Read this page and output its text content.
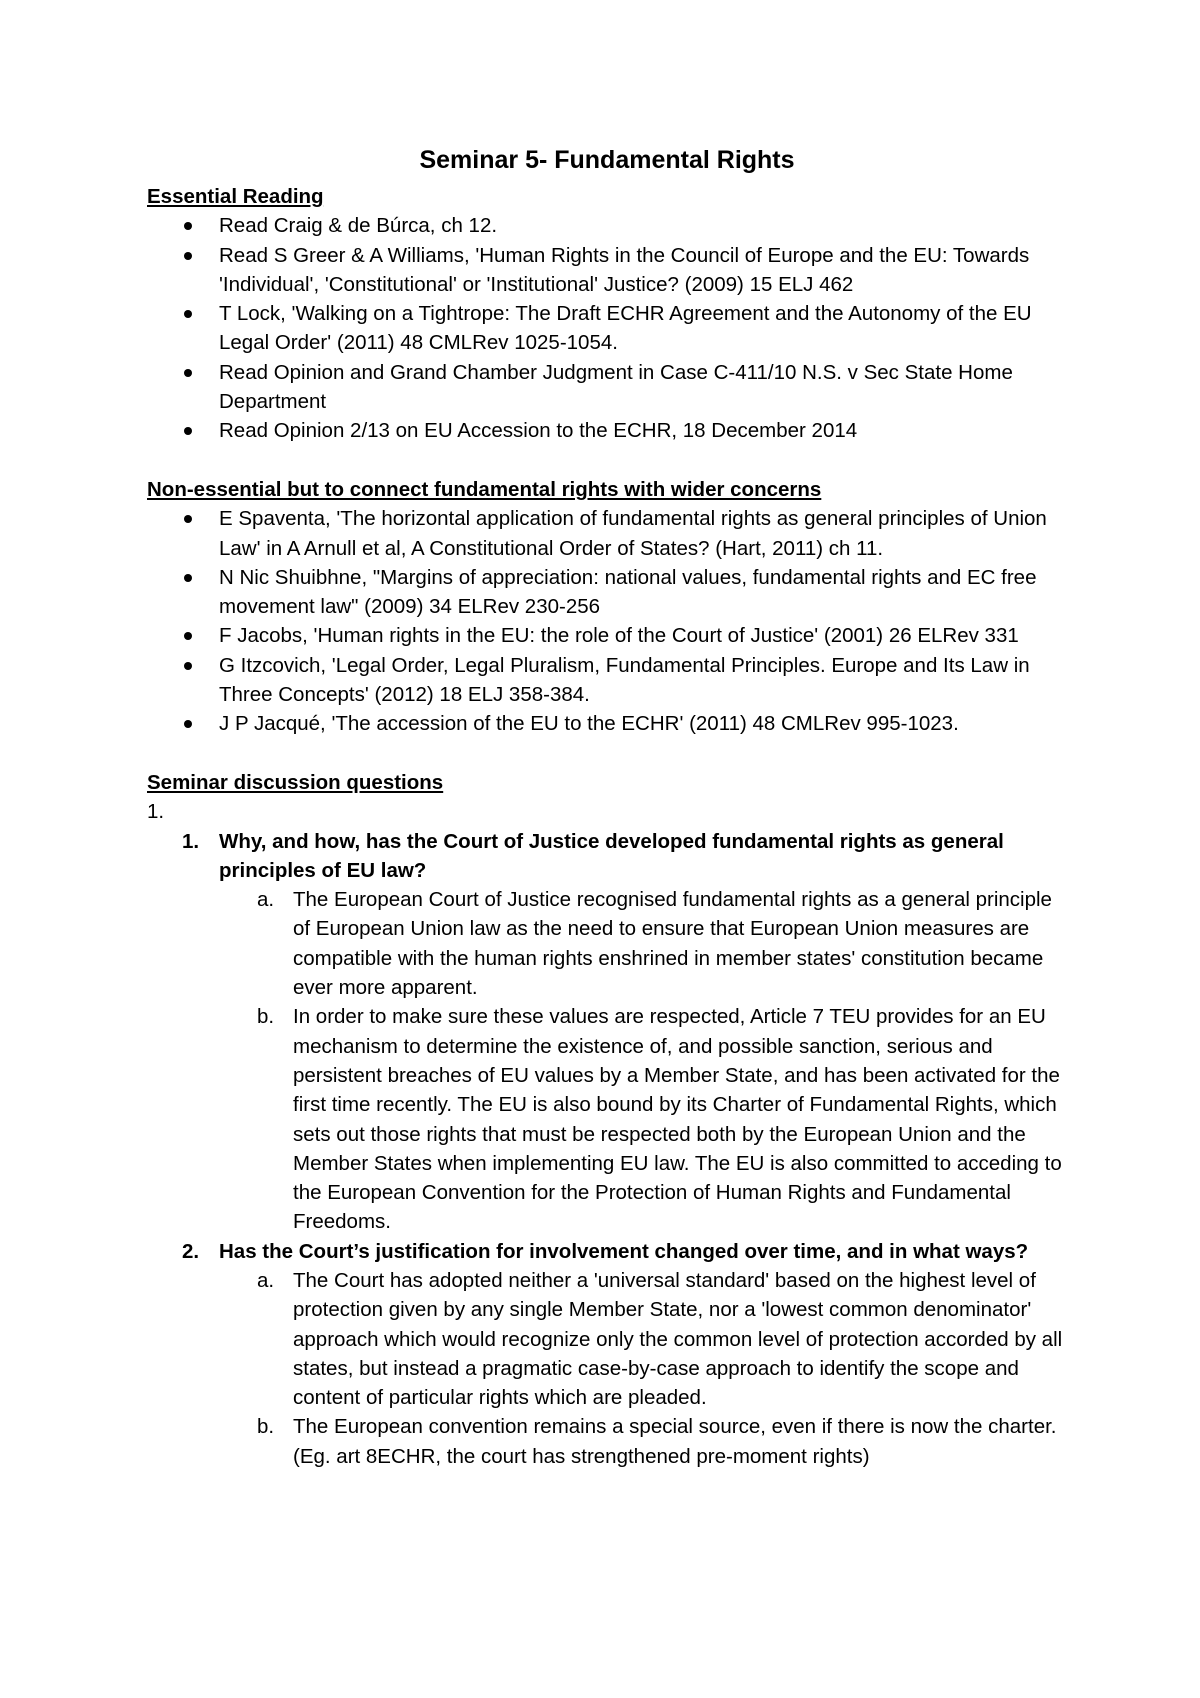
Seminar 5- Fundamental Rights
Essential Reading
Read Craig & de Búrca, ch 12.
Read S Greer & A Williams, 'Human Rights in the Council of Europe and the EU: Towards 'Individual', 'Constitutional' or 'Institutional' Justice? (2009) 15 ELJ 462
T Lock, 'Walking on a Tightrope: The Draft ECHR Agreement and the Autonomy of the EU Legal Order' (2011) 48 CMLRev 1025-1054.
Read Opinion and Grand Chamber Judgment in Case C-411/10 N.S. v Sec State Home Department
Read Opinion 2/13 on EU Accession to the ECHR, 18 December 2014
Non-essential but to connect fundamental rights with wider concerns
E Spaventa, 'The horizontal application of fundamental rights as general principles of Union Law' in A Arnull et al, A Constitutional Order of States? (Hart, 2011) ch 11.
N Nic Shuibhne, "Margins of appreciation: national values, fundamental rights and EC free movement law" (2009) 34 ELRev 230-256
F Jacobs, 'Human rights in the EU: the role of the Court of Justice' (2001) 26 ELRev 331
G Itzcovich, 'Legal Order, Legal Pluralism, Fundamental Principles. Europe and Its Law in Three Concepts' (2012) 18 ELJ 358-384.
J P Jacqué, 'The accession of the EU to the ECHR' (2011) 48 CMLRev 995-1023.
Seminar discussion questions
1.
1. Why, and how, has the Court of Justice developed fundamental rights as general principles of EU law?
a. The European Court of Justice recognised fundamental rights as a general principle of European Union law as the need to ensure that European Union measures are compatible with the human rights enshrined in member states' constitution became ever more apparent.
b. In order to make sure these values are respected, Article 7 TEU provides for an EU mechanism to determine the existence of, and possible sanction, serious and persistent breaches of EU values by a Member State, and has been activated for the first time recently. The EU is also bound by its Charter of Fundamental Rights, which sets out those rights that must be respected both by the European Union and the Member States when implementing EU law. The EU is also committed to acceding to the European Convention for the Protection of Human Rights and Fundamental Freedoms.
2. Has the Court’s justification for involvement changed over time, and in what ways?
a. The Court has adopted neither a 'universal standard' based on the highest level of protection given by any single Member State, nor a 'lowest common denominator' approach which would recognize only the common level of protection accorded by all states, but instead a pragmatic case-by-case approach to identify the scope and content of particular rights which are pleaded.
b. The European convention remains a special source, even if there is now the charter. (Eg. art 8ECHR, the court has strengthened pre-moment rights)
